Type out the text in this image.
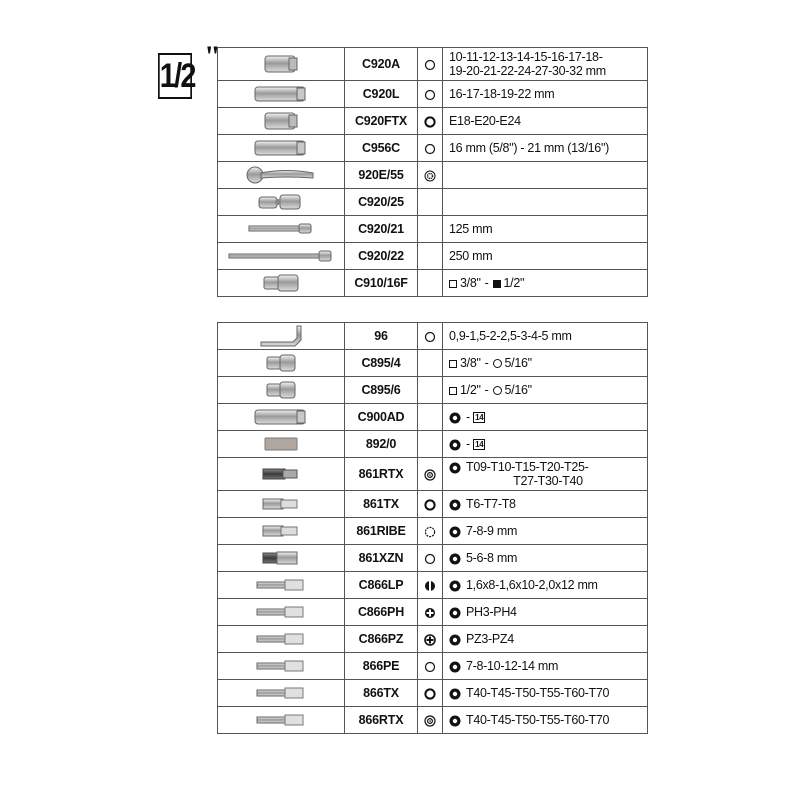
1/2
"
		C920A		10-11-12-13-14-15-16-17-18-
19-20-21-22-24-27-30-32 mm

	C920L		16-17-18-19-22 mm

	C920FTX		E18-E20-E24

	C956C		16 mm (5/8") - 21 mm (13/16")

	920E/55		

	C920/25		

	C920/21		125 mm

	C920/22		250 mm

	C910/16F		3/8" - 1/2"
	96		0,9-1,5-2-2,5-3-4-5 mm

	C895/4		3/8" - 5/16"

	C895/6		1/2" - 5/16"

	C900AD		- 14

	892/0		- 14

	861RTX		T09-T10-T15-T20-T25-
T27-T30-T40

	861TX		T6-T7-T8

	861RIBE		7-8-9 mm

	861XZN		5-6-8 mm

	C866LP		1,6x8-1,6x10-2,0x12 mm

	C866PH		PH3-PH4

	C866PZ		PZ3-PZ4

	866PE		7-8-10-12-14 mm

	866TX		T40-T45-T50-T55-T60-T70

	866RTX		T40-T45-T50-T55-T60-T70
